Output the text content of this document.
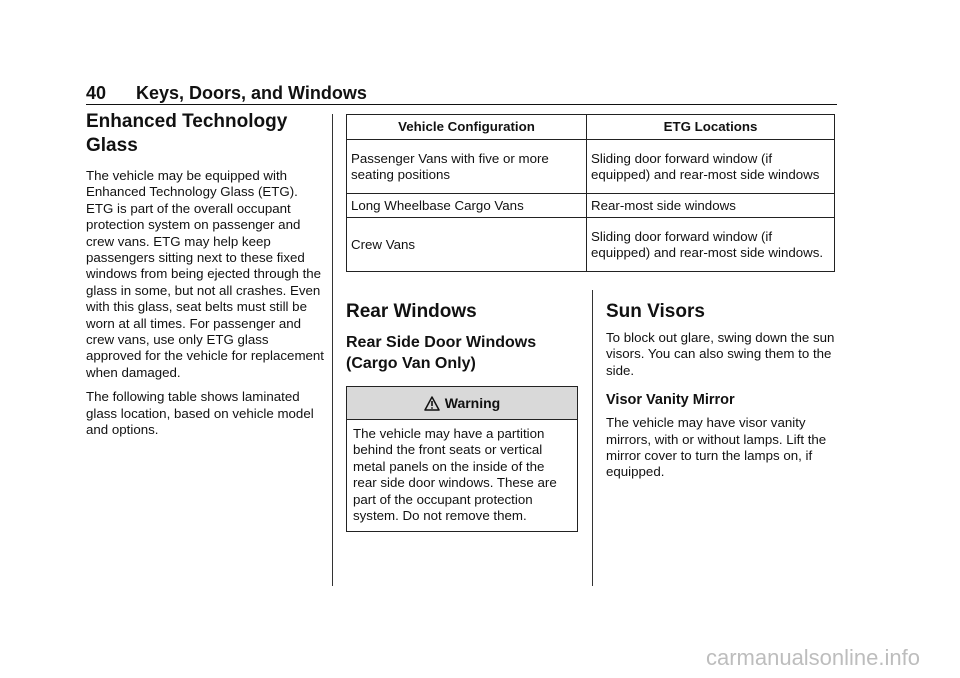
40 Keys, Doors, and Windows
Enhanced Technology Glass

The vehicle may be equipped with Enhanced Technology Glass (ETG). ETG is part of the overall occupant protection system on passenger and crew vans. ETG may help keep passengers sitting next to these fixed windows from being ejected through the glass in some, but not all crashes. Even with this glass, seat belts must still be worn at all times. For passenger and crew vans, use only ETG glass approved for the vehicle for replacement when damaged.

The following table shows laminated glass location, based on vehicle model and options.

Vehicle Configuration	ETG Locations
Passenger Vans with five or more seating positions	Sliding door forward window (if equipped) and rear-most side windows
Long Wheelbase Cargo Vans	Rear-most side windows
Crew Vans	Sliding door forward window (if equipped) and rear-most side windows.
Rear Windows
Rear Side Door Windows (Cargo Van Only)
Warning
The vehicle may have a partition behind the front seats or vertical metal panels on the inside of the rear side door windows. These are part of the occupant protection system. Do not remove them.
Sun Visors

To block out glare, swing down the sun visors. You can also swing them to the side.

Visor Vanity Mirror

The vehicle may have visor vanity mirrors, with or without lamps. Lift the mirror cover to turn the lamps on, if equipped.

carmanualsonline.info
